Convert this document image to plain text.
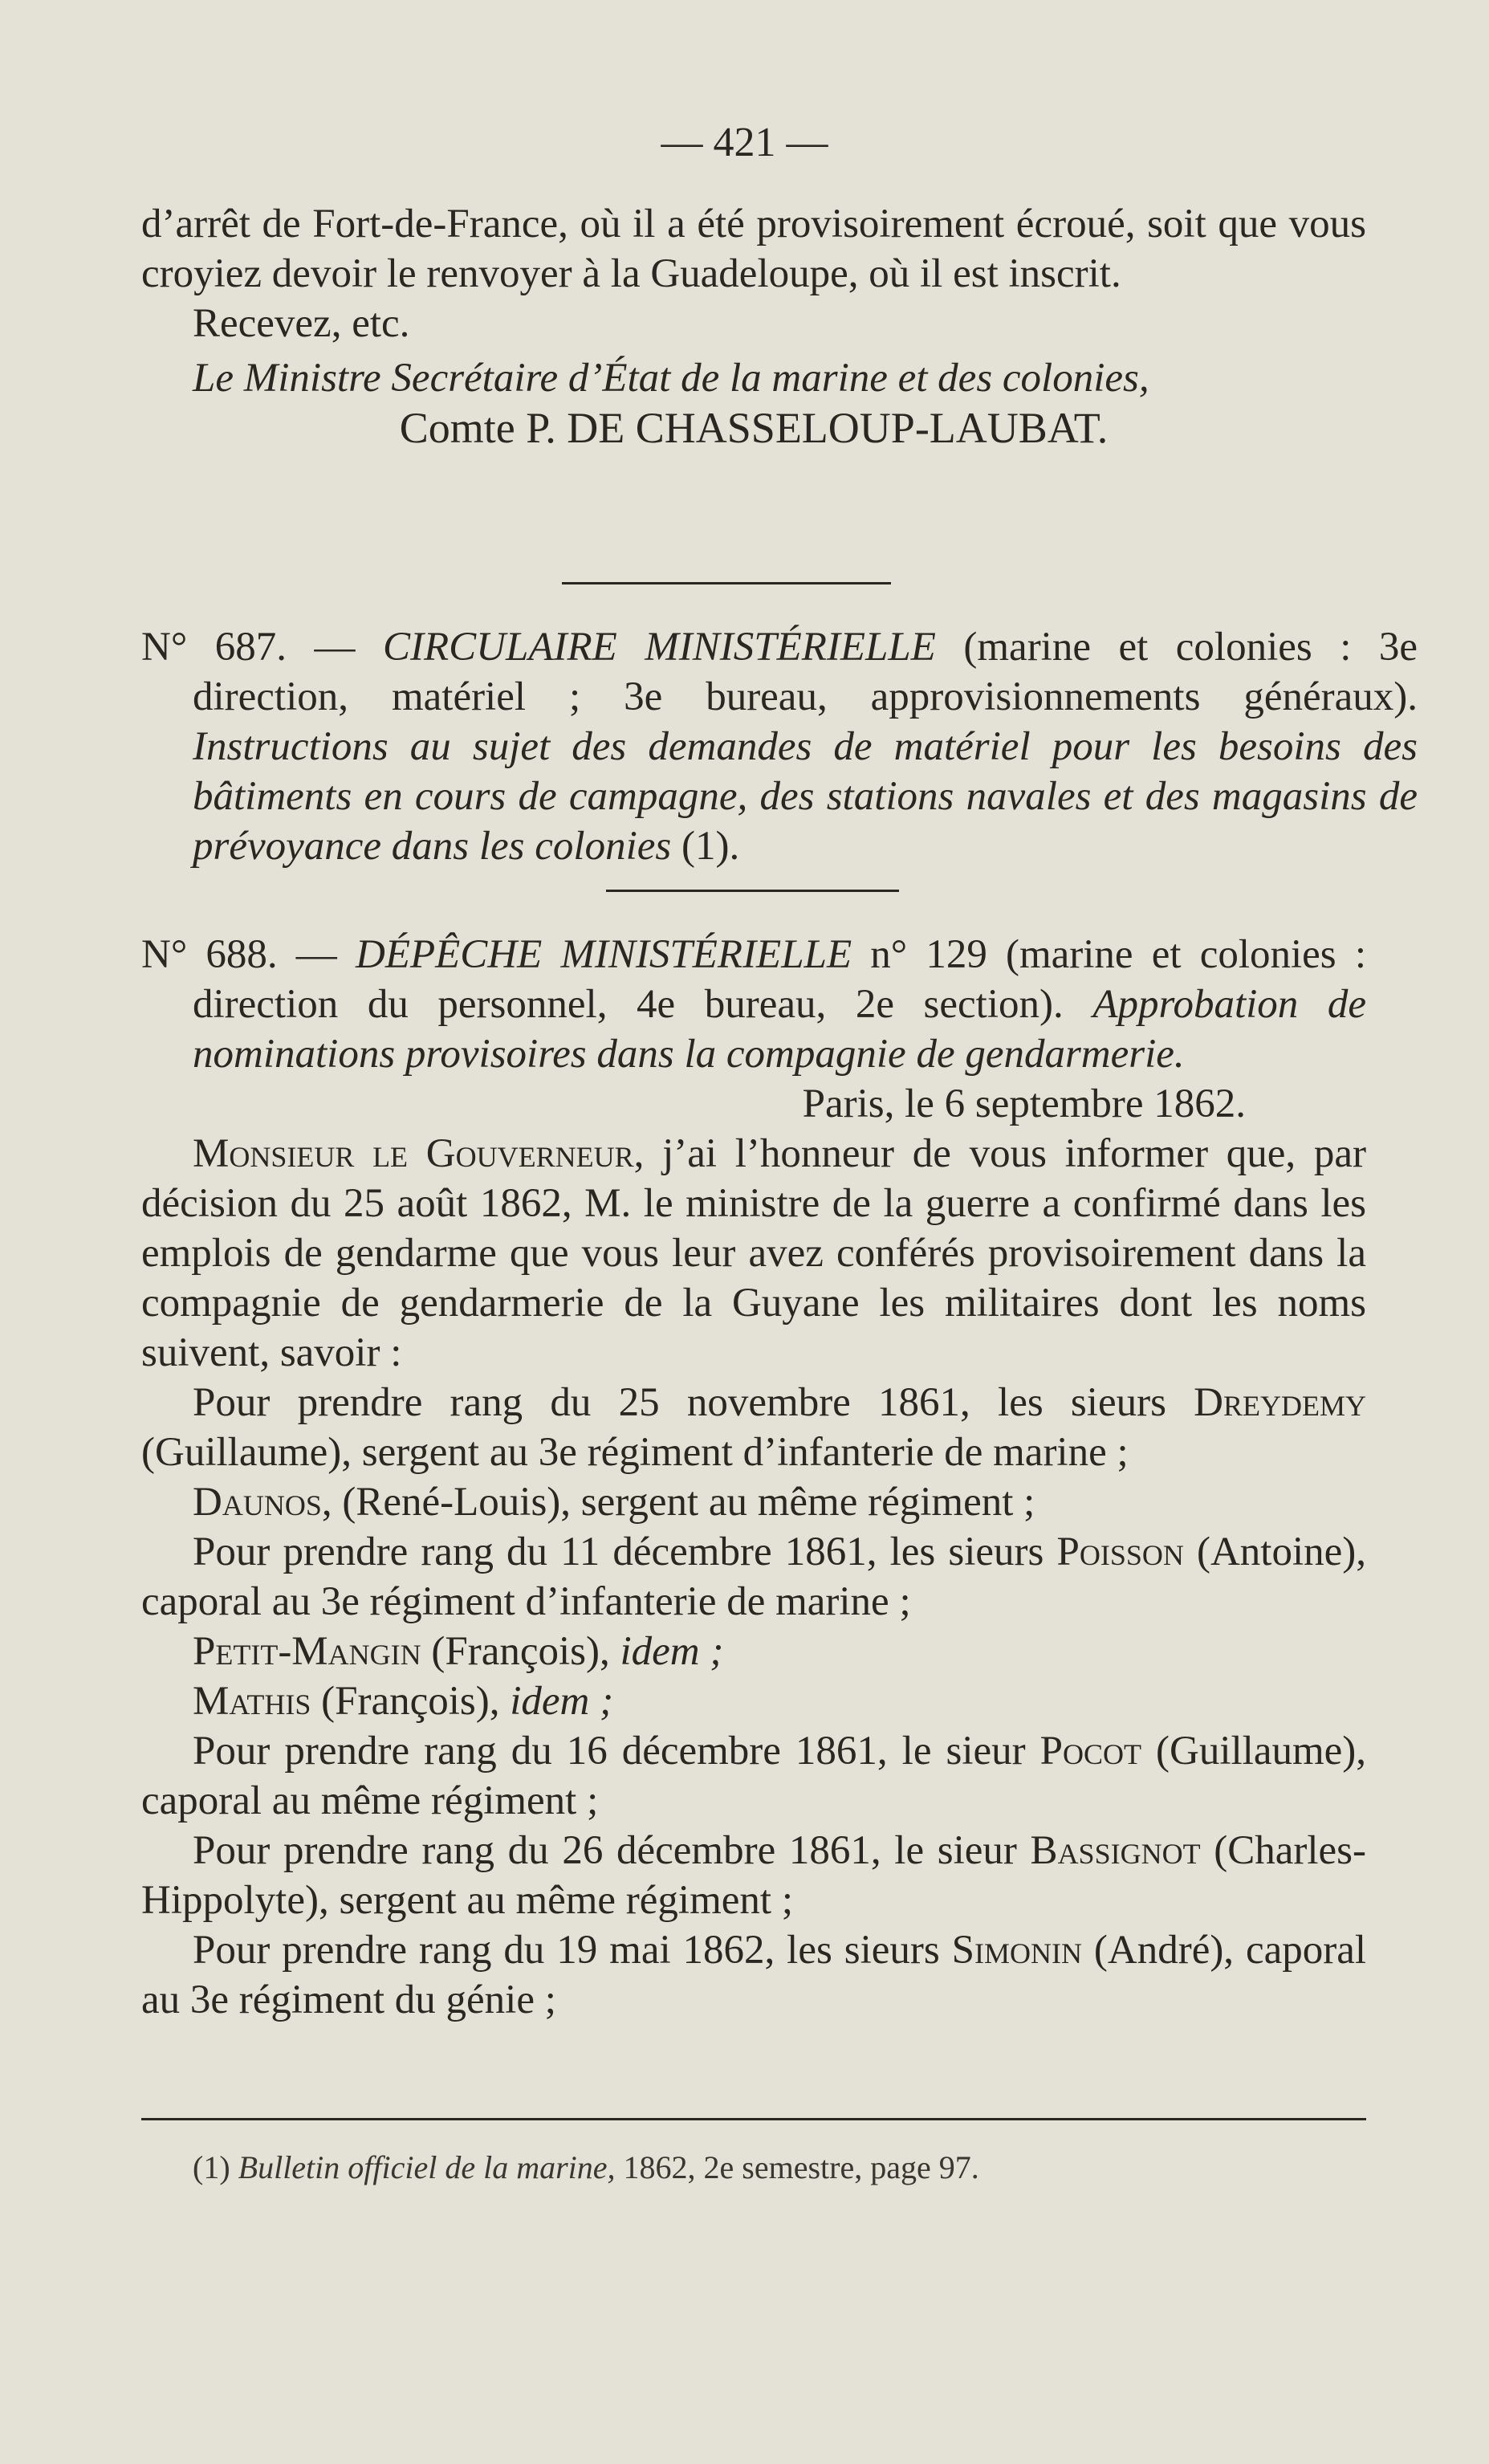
— 421 —
d’arrêt de Fort-de-France, où il a été provisoirement écroué, soit que vous croyiez devoir le renvoyer à la Guadeloupe, où il est inscrit.
Recevez, etc.
Le Ministre Secrétaire d’État de la marine et des colonies,
Comte P. DE CHASSELOUP-LAUBAT.
N° 687. — CIRCULAIRE MINISTÉRIELLE (marine et colonies : 3e direction, matériel ; 3e bureau, approvisionnements généraux). Instructions au sujet des demandes de matériel pour les besoins des bâtiments en cours de campagne, des stations navales et des magasins de prévoyance dans les colonies (1).
N° 688. — DÉPÊCHE MINISTÉRIELLE n° 129 (marine et colonies : direction du personnel, 4e bureau, 2e section). Approbation de nominations provisoires dans la compagnie de gendarmerie.
Paris, le 6 septembre 1862.
Monsieur le Gouverneur, j’ai l’honneur de vous informer que, par décision du 25 août 1862, M. le ministre de la guerre a confirmé dans les emplois de gendarme que vous leur avez conférés provisoirement dans la compagnie de gendarmerie de la Guyane les militaires dont les noms suivent, savoir :
Pour prendre rang du 25 novembre 1861, les sieurs Dreydemy (Guillaume), sergent au 3e régiment d’infanterie de marine ;
Daunos, (René-Louis), sergent au même régiment ;
Pour prendre rang du 11 décembre 1861, les sieurs Poisson (Antoine), caporal au 3e régiment d’infanterie de marine ;
Petit-Mangin (François), idem ;
Mathis (François), idem ;
Pour prendre rang du 16 décembre 1861, le sieur Pocot (Guillaume), caporal au même régiment ;
Pour prendre rang du 26 décembre 1861, le sieur Bassignot (Charles-Hippolyte), sergent au même régiment ;
Pour prendre rang du 19 mai 1862, les sieurs Simonin (André), caporal au 3e régiment du génie ;
(1) Bulletin officiel de la marine, 1862, 2e semestre, page 97.
